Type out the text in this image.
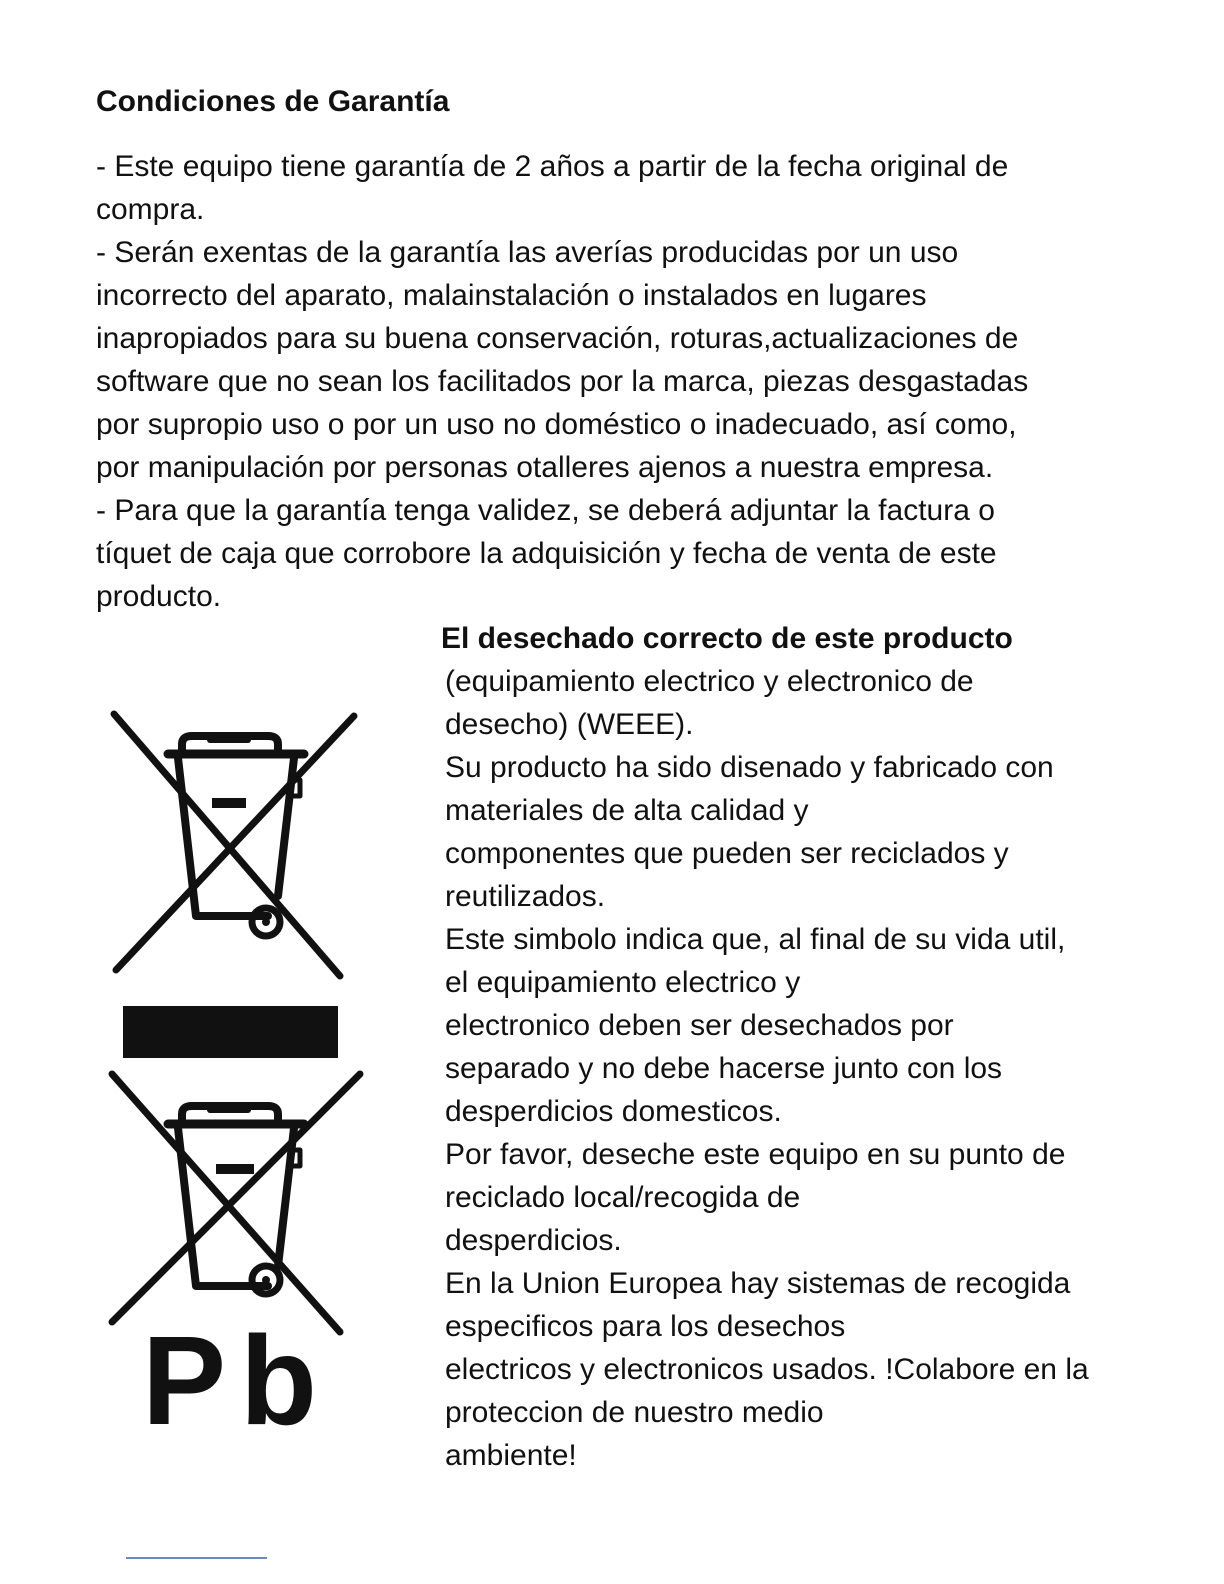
Condiciones de Garantía
- Este equipo tiene garantía de 2 años a partir de la fecha original de
compra.
- Serán exentas de la garantía las averías producidas por un uso
incorrecto del aparato, malainstalación o instalados en lugares
inapropiados para su buena conservación, roturas,actualizaciones de
software que no sean los facilitados por la marca, piezas desgastadas
por supropio uso o por un uso no doméstico o inadecuado, así como,
por manipulación por personas otalleres ajenos a nuestra empresa.
- Para que la garantía tenga validez, se deberá adjuntar la factura o
tíquet de caja que corrobore la adquisición y fecha de venta de este
producto.
El desechado correcto de este producto
(equipamiento electrico y electronico de
desecho) (WEEE).
Su producto ha sido disenado y fabricado con
materiales de alta calidad y
componentes que pueden ser reciclados y
reutilizados.
Este simbolo indica que, al final de su vida util,
el equipamiento electrico y
electronico deben ser desechados por
separado y no debe hacerse junto con los
desperdicios domesticos.
Por favor, deseche este equipo en su punto de
reciclado local/recogida de
desperdicios.
En la Union Europea hay sistemas de recogida
especificos para los desechos
electricos y electronicos usados. !Colabore en la
proteccion de nuestro medio
ambiente!
Pb
